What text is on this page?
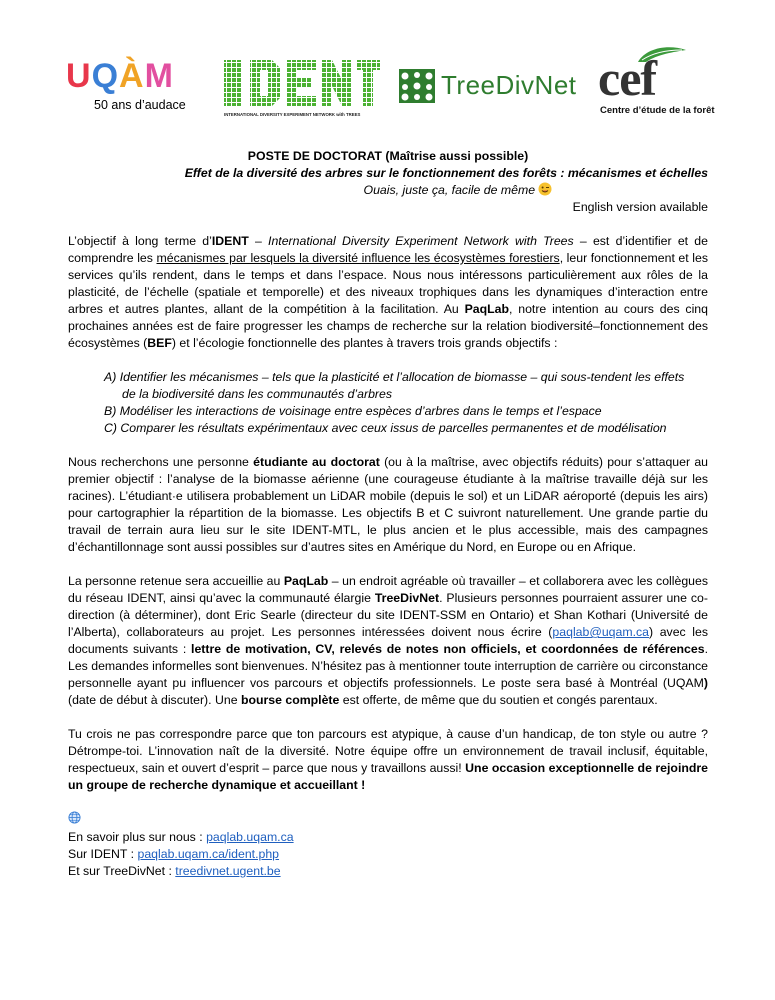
UQÀM
50 ans d’audace
INTERNATIONAL DIVERSITY EXPERIMENT NETWORK with TREES
TreeDivNet cef
Centre d’étude de la forêt
POSTE DE DOCTORAT (Maîtrise aussi possible)
Effet de la diversité des arbres sur le fonctionnement des forêts : mécanismes et échelles
Ouais, juste ça, facile de même
English version available

L’objectif à long terme d’IDENT – International Diversity Experiment Network with Trees – est d’identifier et de comprendre les mécanismes par lesquels la diversité influence les écosystèmes forestiers, leur fonctionnement et les services qu’ils rendent, dans le temps et dans l’espace. Nous nous intéressons particulièrement aux rôles de la plasticité, de l’échelle (spatiale et temporelle) et des niveaux trophiques dans les dynamiques d’interaction entre arbres et autres plantes, allant de la compétition à la facilitation. Au PaqLab, notre intention au cours des cinq prochaines années est de faire progresser les champs de recherche sur la relation biodiversité–fonctionnement des écosystèmes (BEF) et l’écologie fonctionnelle des plantes à travers trois grands objectifs :

A) Identifier les mécanismes – tels que la plasticité et l’allocation de biomasse – qui sous-tendent les effets

de la biodiversité dans les communautés d’arbres
B) Modéliser les interactions de voisinage entre espèces d’arbres dans le temps et l’espace
C) Comparer les résultats expérimentaux avec ceux issus de parcelles permanentes et de modélisation

Nous recherchons une personne étudiante au doctorat (ou à la maîtrise, avec objectifs réduits) pour s’attaquer au premier objectif : l’analyse de la biomasse aérienne (une courageuse étudiante à la maîtrise travaille déjà sur les racines). L’étudiant·e utilisera probablement un LiDAR mobile (depuis le sol) et un LiDAR aéroporté (depuis les airs) pour cartographier la répartition de la biomasse. Les objectifs B et C suivront naturellement. Une grande partie du travail de terrain aura lieu sur le site IDENT-MTL, le plus ancien et le plus accessible, mais des campagnes d’échantillonnage sont aussi possibles sur d’autres sites en Amérique du Nord, en Europe ou en Afrique.

La personne retenue sera accueillie au PaqLab – un endroit agréable où travailler – et collaborera avec les collègues du réseau IDENT, ainsi qu’avec la communauté élargie TreeDivNet. Plusieurs personnes pourraient assurer une co-direction (à déterminer), dont Eric Searle (directeur du site IDENT-SSM en Ontario) et Shan Kothari (Université de l’Alberta), collaborateurs au projet. Les personnes intéressées doivent nous écrire (paqlab@uqam.ca) avec les documents suivants : lettre de motivation, CV, relevés de notes non officiels, et coordonnées de références. Les demandes informelles sont bienvenues. N’hésitez pas à mentionner toute interruption de carrière ou circonstance personnelle ayant pu influencer vos parcours et objectifs professionnels. Le poste sera basé à Montréal (UQAM) (date de début à discuter). Une bourse complète est offerte, de même que du soutien et congés parentaux.

Tu crois ne pas correspondre parce que ton parcours est atypique, à cause d’un handicap, de ton style ou autre ? Détrompe-toi. L’innovation naît de la diversité. Notre équipe offre un environnement de travail inclusif, équitable, respectueux, sain et ouvert d’esprit – parce que nous y travaillons aussi! Une occasion exceptionnelle de rejoindre un groupe de recherche dynamique et accueillant !

En savoir plus sur nous : paqlab.uqam.ca
Sur IDENT : paqlab.uqam.ca/ident.php
Et sur TreeDivNet : treedivnet.ugent.be
